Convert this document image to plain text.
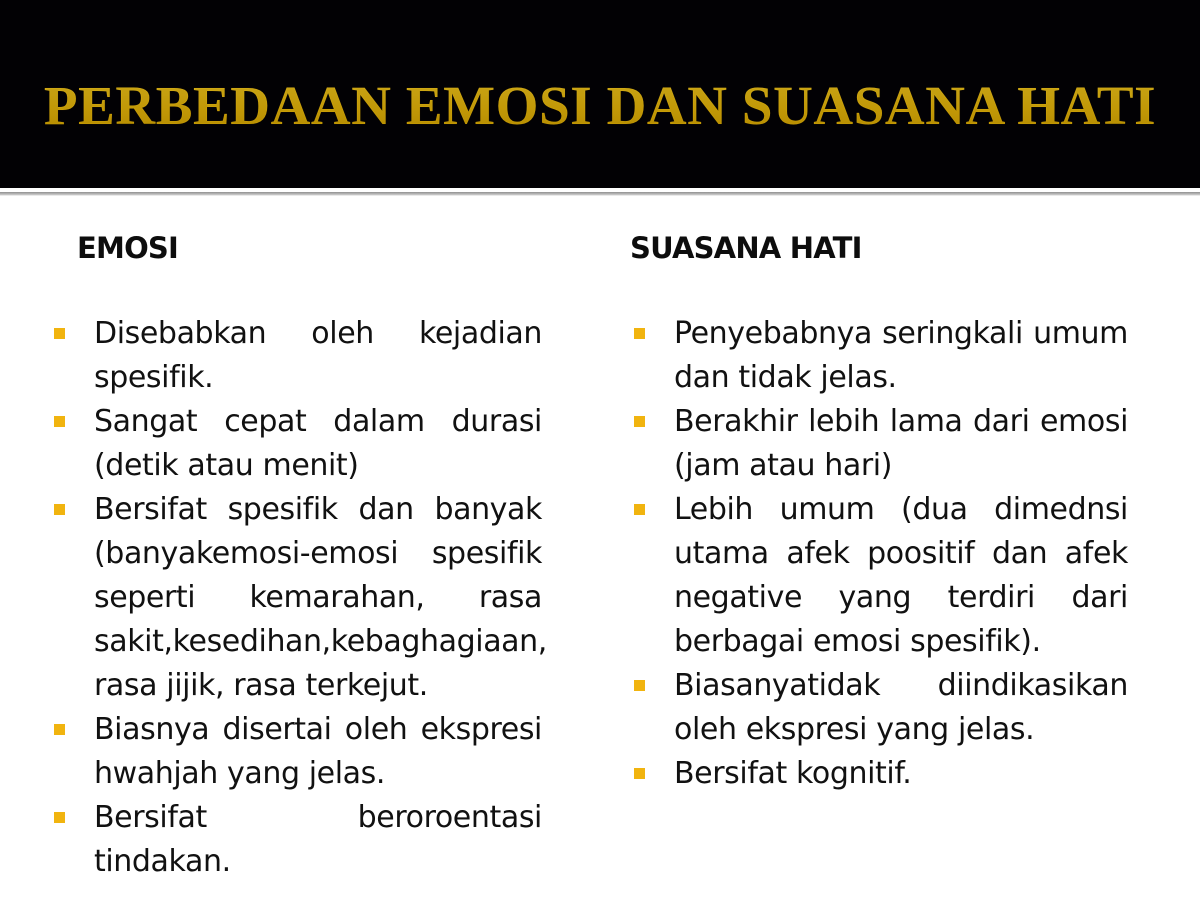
PERBEDAAN EMOSI DAN SUASANA HATI
EMOSI
Disebabkan oleh kejadian spesifik.
Sangat cepat dalam durasi (detik atau menit)
Bersifat spesifik dan banyak (banyakemosi-emosi spesifik seperti kemarahan, rasa sakit,kesedihan,kebaghagiaan, rasa jijik, rasa terkejut.
Biasnya disertai oleh ekspresi hwahjah yang jelas.
Bersifat beroroentasi tindakan.
SUASANA HATI
Penyebabnya seringkali umum dan tidak jelas.
Berakhir lebih lama dari emosi (jam atau hari)
Lebih umum (dua dimednsi utama afek poositif dan afek negative yang terdiri dari berbagai emosi spesifik).
Biasanyatidak diindikasikan oleh ekspresi yang jelas.
Bersifat kognitif.
